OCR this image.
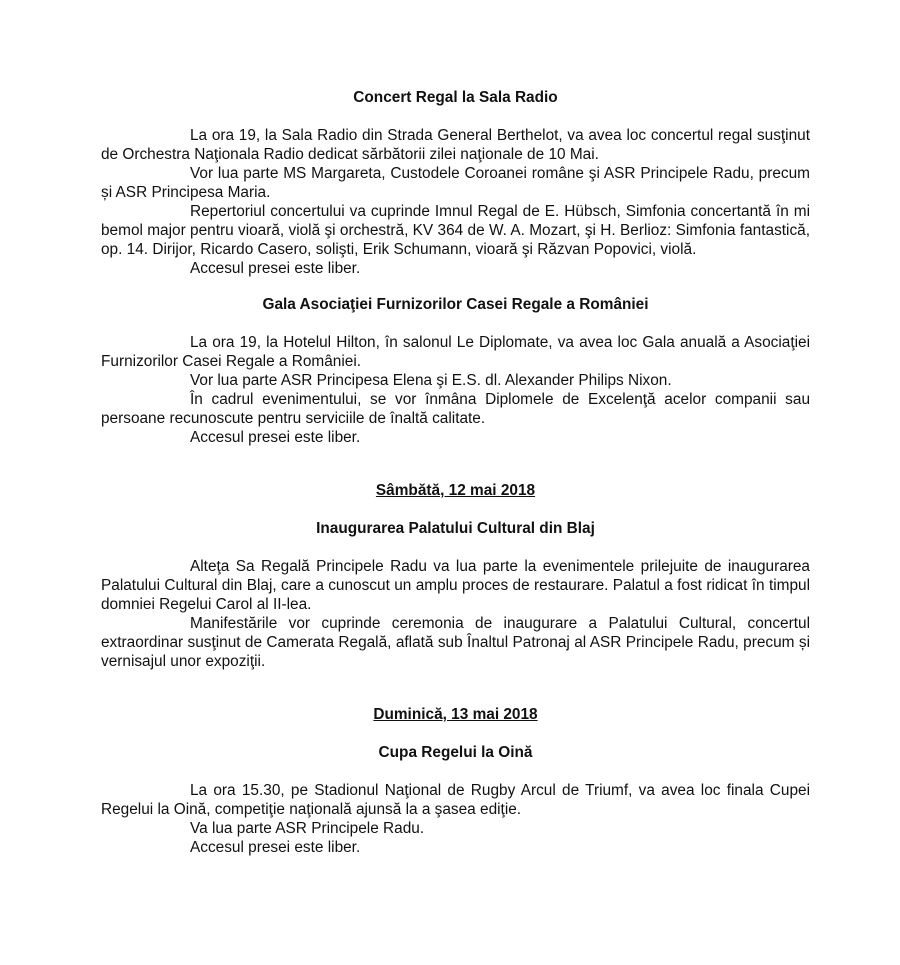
Concert Regal la Sala Radio

La ora 19, la Sala Radio din Strada General Berthelot, va avea loc concertul regal susţinut de Orchestra Naţionala Radio dedicat sărbătorii zilei naţionale de 10 Mai.

Vor lua parte MS Margareta, Custodele Coroanei române şi ASR Principele Radu, precum și ASR Principesa Maria.

Repertoriul concertului va cuprinde Imnul Regal de E. Hübsch, Simfonia concertantă în mi bemol major pentru vioară, violă şi orchestră, KV 364 de W. A. Mozart, şi H. Berlioz: Simfonia fantastică, op. 14. Dirijor, Ricardo Casero, solişti, Erik Schumann, vioară şi Răzvan Popovici, violă.

Accesul presei este liber.

Gala Asociaţiei Furnizorilor Casei Regale a României

La ora 19, la Hotelul Hilton, în salonul Le Diplomate, va avea loc Gala anuală a Asociaţiei Furnizorilor Casei Regale a României.

Vor lua parte ASR Principesa Elena şi E.S. dl. Alexander Philips Nixon.

În cadrul evenimentului, se vor înmâna Diplomele de Excelenţă acelor companii sau persoane recunoscute pentru serviciile de înaltă calitate.

Accesul presei este liber.

Sâmbătă, 12 mai 2018

Inaugurarea Palatului Cultural din Blaj

Alteţa Sa Regală Principele Radu va lua parte la evenimentele prilejuite de inaugurarea Palatului Cultural din Blaj, care a cunoscut un amplu proces de restaurare. Palatul a fost ridicat în timpul domniei Regelui Carol al II-lea.

Manifestările vor cuprinde ceremonia de inaugurare a Palatului Cultural, concertul extraordinar susţinut de Camerata Regală, aflată sub Înaltul Patronaj al ASR Principele Radu, precum și vernisajul unor expoziţii.

Duminică, 13 mai 2018

Cupa Regelui la Oină

La ora 15.30, pe Stadionul Naţional de Rugby Arcul de Triumf, va avea loc finala Cupei Regelui la Oină, competiţie naţională ajunsă la a şasea ediţie.

Va lua parte ASR Principele Radu.

Accesul presei este liber.
